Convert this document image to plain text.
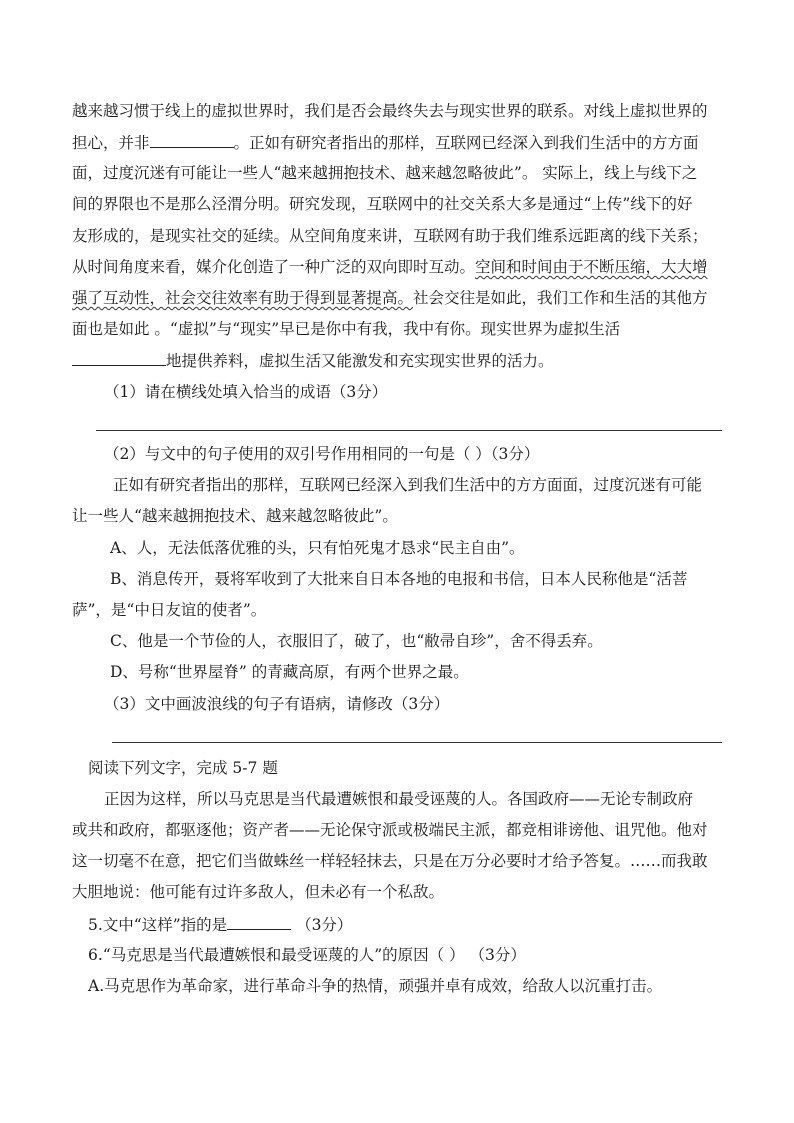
越来越习惯于线上的虚拟世界时，我们是否会最终失去与现实世界的联系。对线上虚拟世界的
担心，并非	。正如有研究者指出的那样，互联网已经深入到我们生活中的方方面
面，过度沉迷有可能让一些人“越来越拥抱技术、越来越忽略彼此”。 实际上，线上与线下之
间的界限也不是那么泾渭分明。研究发现，互联网中的社交关系大多是通过“上传”线下的好
友形成的，是现实社交的延续。从空间角度来讲，互联网有助于我们维系远距离的线下关系；
从时间角度来看，媒介化创造了一种广泛的双向即时互动。空间和时间由于不断压缩，大大增
强了互动性，社会交往效率有助于得到显著提高。社会交往是如此，我们工作和生活的其他方
面也是如此 。“虚拟”与“现实”早已是你中有我，我中有你。现实世界为虚拟生活
地提供养料，虚拟生活又能激发和充实现实世界的活力。
（1）请在横线处填入恰当的成语（3分）
（2）与文中的句子使用的双引号作用相同的一句是（ ）（3分）
正如有研究者指出的那样，互联网已经深入到我们生活中的方方面面，过度沉迷有可能
让一些人“越来越拥抱技术、越来越忽略彼此”。
A、人，无法低落优雅的头，只有怕死鬼才恳求“民主自由”。
B、消息传开，聂将军收到了大批来自日本各地的电报和书信，日本人民称他是“活菩
萨”，是“中日友谊的使者”。
C、他是一个节俭的人，衣服旧了，破了，也“敝帚自珍”，舍不得丢弃。
D、号称“世界屋脊” 的青藏高原，有两个世界之最。
（3）文中画波浪线的句子有语病，请修改（3分）
阅读下列文字，完成 5-7 题
正因为这样，所以马克思是当代最遭嫉恨和最受诬蔑的人。各国政府——无论专制政府
或共和政府，都驱逐他；资产者——无论保守派或极端民主派，都竞相诽谤他、诅咒他。他对
这一切毫不在意，把它们当做蛛丝一样轻轻抹去，只是在万分必要时才给予答复。……而我敢
大胆地说：他可能有过许多敌人，但未必有一个私敌。
5.文中“这样”指的是	（3分）
6.“马克思是当代最遭嫉恨和最受诬蔑的人”的原因（ ） （3分）
A.马克思作为革命家，进行革命斗争的热情，顽强并卓有成效，给敌人以沉重打击。
